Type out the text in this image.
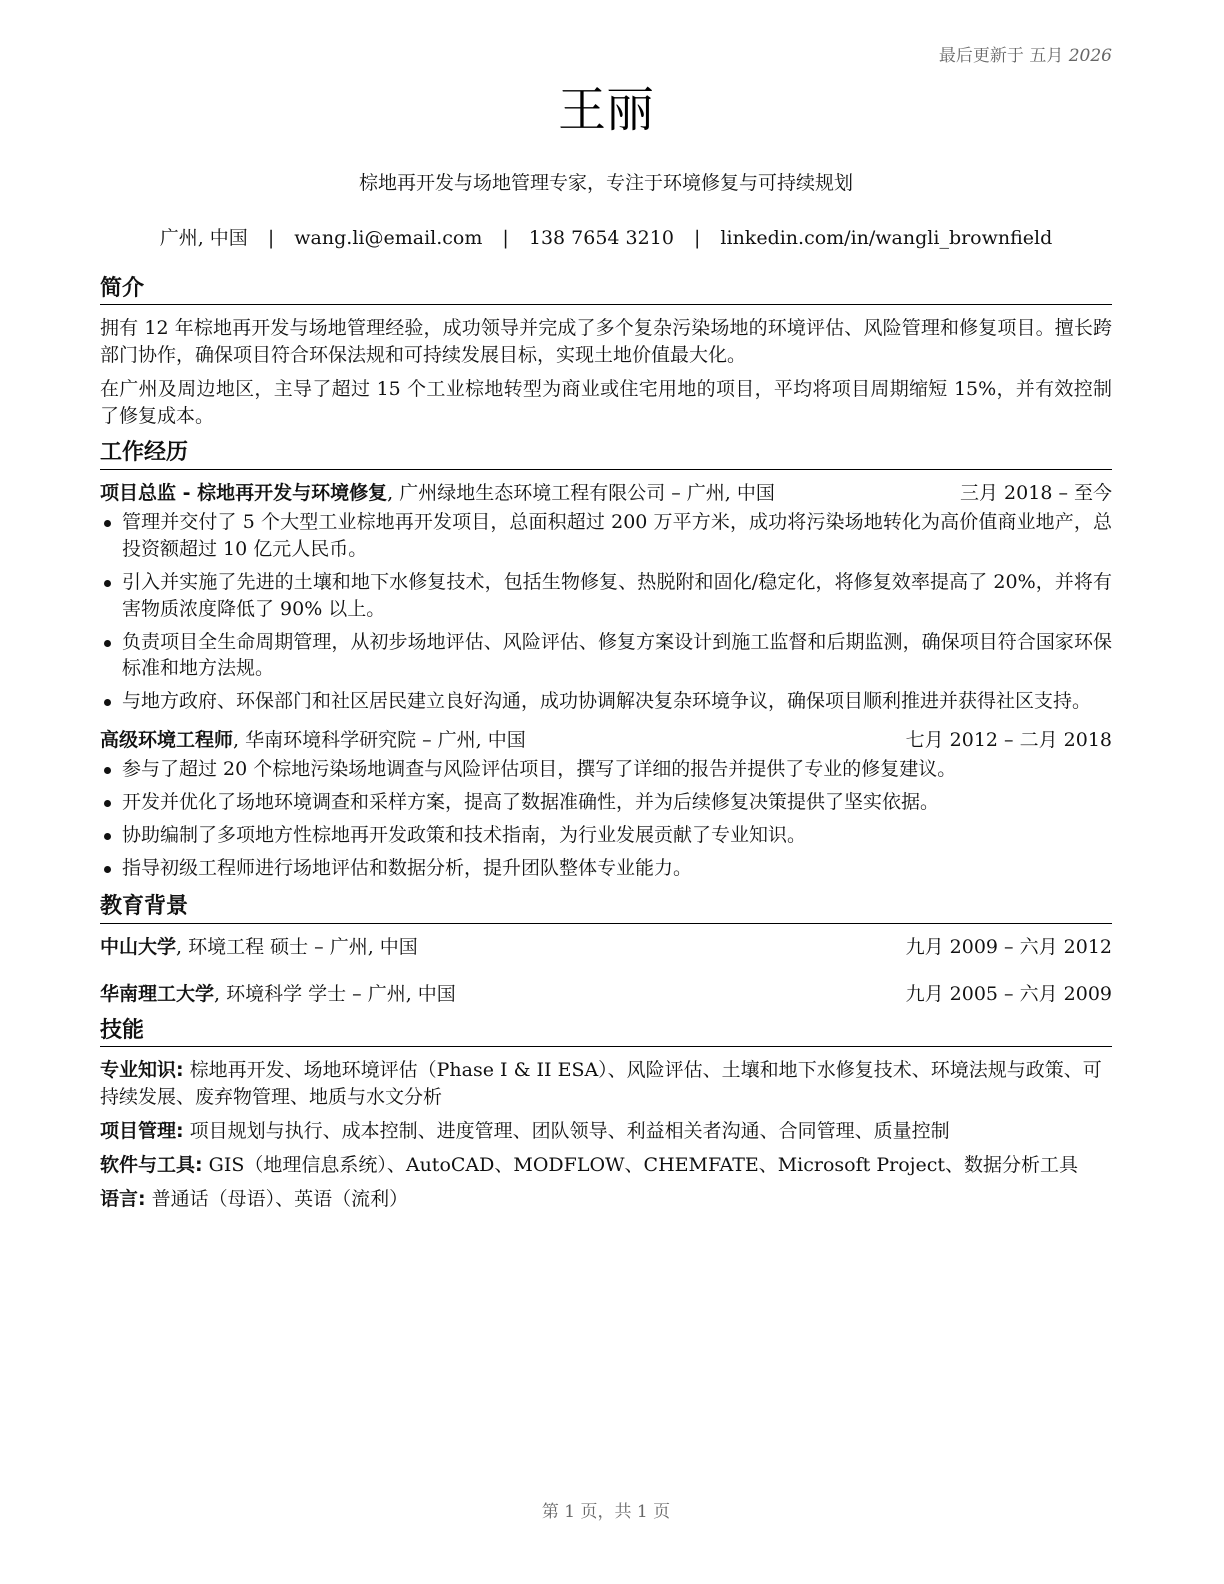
最后更新于 五月 2026
王丽
棕地再开发与场地管理专家，专注于环境修复与可持续规划
广州, 中国 | wang.li@email.com | 138 7654 3210 | linkedin.com/in/wangli_brownfield
简介

拥有 12 年棕地再开发与场地管理经验，成功领导并完成了多个复杂污染场地的环境评估、风险管理和修复项目。擅长跨部门协作，确保项目符合环保法规和可持续发展目标，实现土地价值最大化。

在广州及周边地区，主导了超过 15 个工业棕地转型为商业或住宅用地的项目，平均将项目周期缩短 15%，并有效控制了修复成本。

工作经历
项目总监 - 棕地再开发与环境修复, 广州绿地生态环境工程有限公司 – 广州, 中国	三月 2018 – 至今
管理并交付了 5 个大型工业棕地再开发项目，总面积超过 200 万平方米，成功将污染场地转化为高价值商业地产，总投资额超过 10 亿元人民币。
引入并实施了先进的土壤和地下水修复技术，包括生物修复、热脱附和固化/稳定化，将修复效率提高了 20%，并将有害物质浓度降低了 90% 以上。
负责项目全生命周期管理，从初步场地评估、风险评估、修复方案设计到施工监督和后期监测，确保项目符合国家环保标准和地方法规。
与地方政府、环保部门和社区居民建立良好沟通，成功协调解决复杂环境争议，确保项目顺利推进并获得社区支持。
高级环境工程师, 华南环境科学研究院 – 广州, 中国	七月 2012 – 二月 2018
参与了超过 20 个棕地污染场地调查与风险评估项目，撰写了详细的报告并提供了专业的修复建议。
开发并优化了场地环境调查和采样方案，提高了数据准确性，并为后续修复决策提供了坚实依据。
协助编制了多项地方性棕地再开发政策和技术指南，为行业发展贡献了专业知识。
指导初级工程师进行场地评估和数据分析，提升团队整体专业能力。
教育背景
中山大学, 环境工程 硕士 – 广州, 中国	九月 2009 – 六月 2012
华南理工大学, 环境科学 学士 – 广州, 中国	九月 2005 – 六月 2009
技能

专业知识: 棕地再开发、场地环境评估（Phase I & II ESA）、风险评估、土壤和地下水修复技术、环境法规与政策、可持续发展、废弃物管理、地质与水文分析

项目管理: 项目规划与执行、成本控制、进度管理、团队领导、利益相关者沟通、合同管理、质量控制

软件与工具: GIS（地理信息系统）、AutoCAD、MODFLOW、CHEMFATE、Microsoft Project、数据分析工具

语言: 普通话（母语）、英语（流利）

第 1 页，共 1 页
